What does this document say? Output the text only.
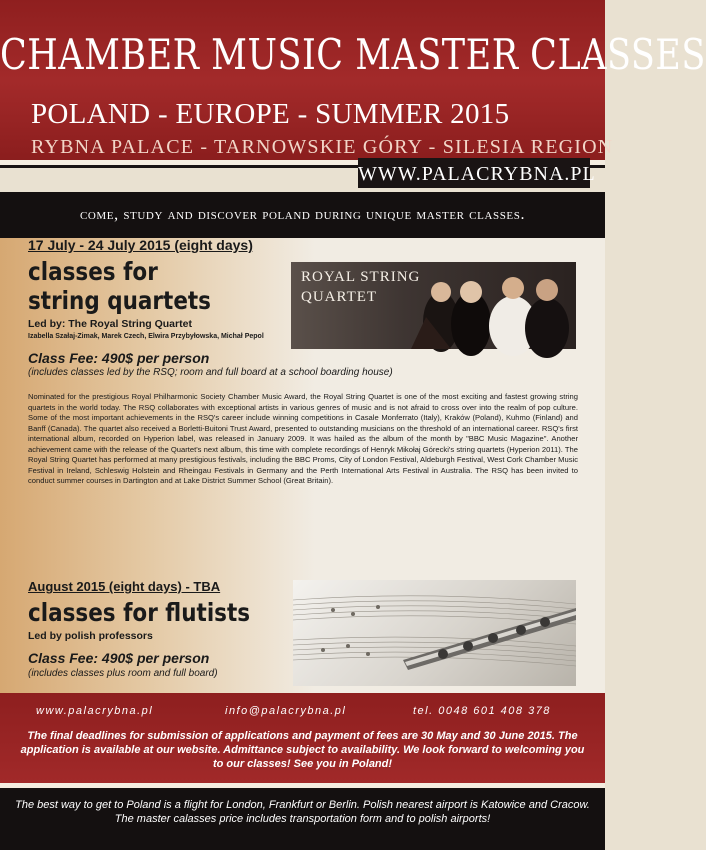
CHAMBER MUSIC MASTER CLASSES
POLAND - EUROPE - SUMMER 2015
RYBNA PALACE - TARNOWSKIE GÓRY - SILESIA REGION
WWW.PALACRYBNA.PL
come, study and discover poland during unique master classes.
17 July - 24 July 2015 (eight days)
classes for
string quartets
Led by: The Royal String Quartet
Izabella Szałaj-Zimak, Marek Czech, Elwira Przybyłowska, Michał Pepol
Class Fee: 490$ per person
(includes classes led by the RSQ; room and full board at a school boarding house)
ROYAL STRING
QUARTET
Nominated for the prestigious Royal Philharmonic Society Chamber Music Award, the Royal String Quartet is one of the most exciting and fastest growing string quartets in the world today. The RSQ collaborates with exceptional artists in various genres of music and is not afraid to cross over into the realm of pop culture. Some of the most important achievements in the RSQ's career include winning competitions in Casale Monferrato (Italy), Kraków (Poland), Kuhmo (Finland) and Banff (Canada). The quartet also received a Borletti-Buitoni Trust Award, presented to outstanding musicians on the threshold of an international career. RSQ's first international album, recorded on Hyperion label, was released in January 2009. It was hailed as the album of the month by "BBC Music Magazine". Another achievement came with the release of the Quartet's next album, this time with complete recordings of Henryk Mikołaj Górecki's string quartets (Hyperion 2011). The Royal String Quartet has performed at many prestigious festivals, including the BBC Proms, City of London Festival, Aldeburgh Festival, West Cork Chamber Music Festival in Ireland, Schleswig Holstein and Rheingau Festivals in Germany and the Perth International Arts Festival in Australia. The RSQ has been invited to conduct summer courses in Dartington and at Lake District Summer School (Great Britain).
August 2015 (eight days) - TBA
classes for flutists
Led by polish professors
Class Fee: 490$ per person
(includes classes plus room and full board)
www.palacrybna.pl	info@palacrybna.pl	tel. 0048 601 408 378
The final deadlines for submission of applications and payment of fees are 30 May and 30 June 2015. The application is available at our website. Admittance subject to availability. We look forward to welcoming you to our classes! See you in Poland!
The best way to get to Poland is a flight for London, Frankfurt or Berlin. Polish nearest airport is Katowice and Cracow. The master calasses price includes transportation form and to polish airports!
